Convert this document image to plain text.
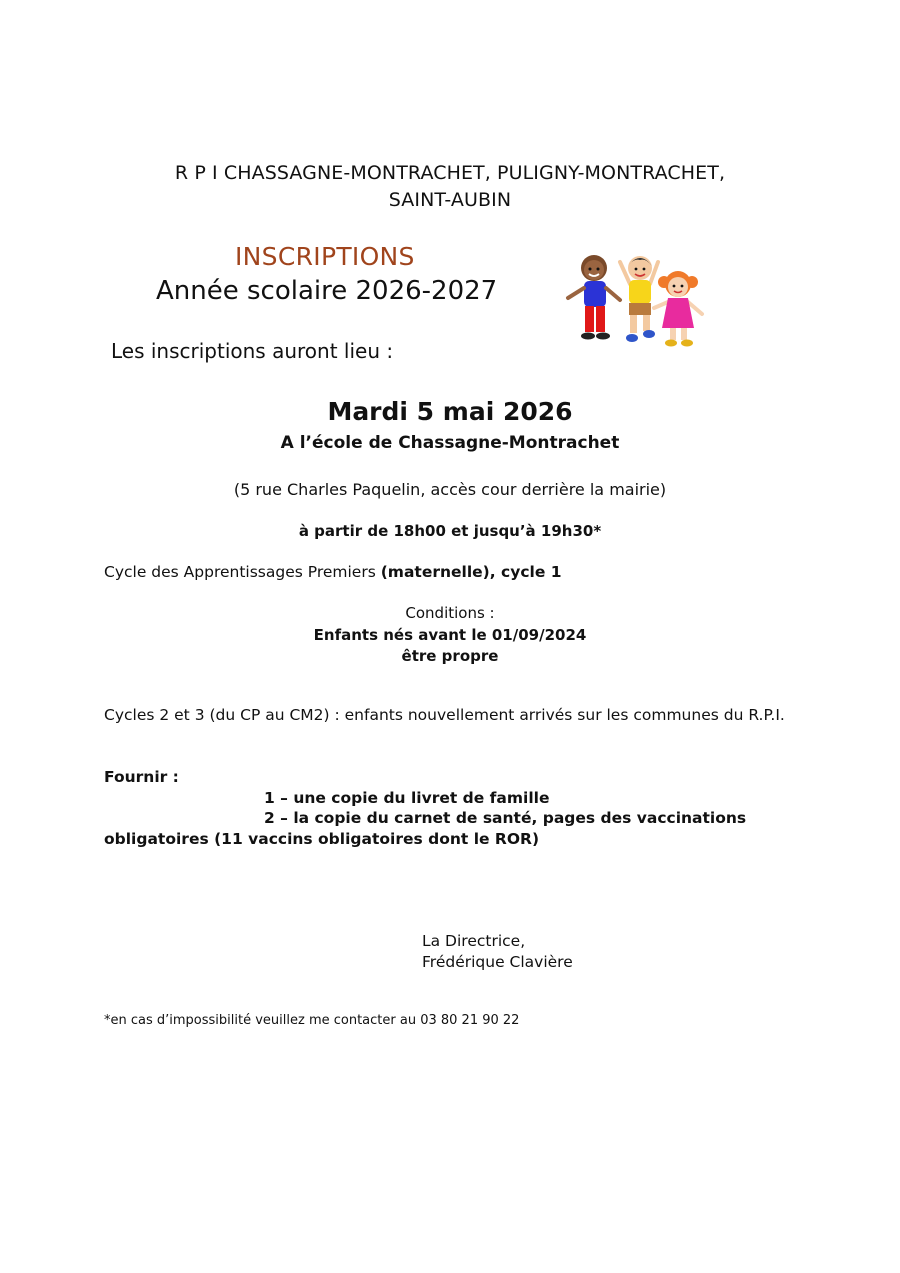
R P I CHASSAGNE-MONTRACHET, PULIGNY-MONTRACHET,
SAINT-AUBIN
INSCRIPTIONS
Année scolaire 2026-2027
Les inscriptions auront lieu :
Mardi 5 mai 2026
A l’école de Chassagne-Montrachet
(5 rue Charles Paquelin, accès cour derrière la mairie)
à partir de 18h00 et jusqu’à 19h30*
Cycle des Apprentissages Premiers (maternelle), cycle 1
Conditions :
Enfants nés avant le 01/09/2024
être propre
Cycles 2 et 3 (du CP au CM2) : enfants nouvellement arrivés sur les communes du R.P.I.
Fournir :
1 – une copie du livret de famille
2 – la copie du carnet de santé, pages des vaccinations
obligatoires (11 vaccins obligatoires dont le ROR)
La Directrice,
Frédérique Clavière
*en cas d’impossibilité veuillez me contacter au 03 80 21 90 22
